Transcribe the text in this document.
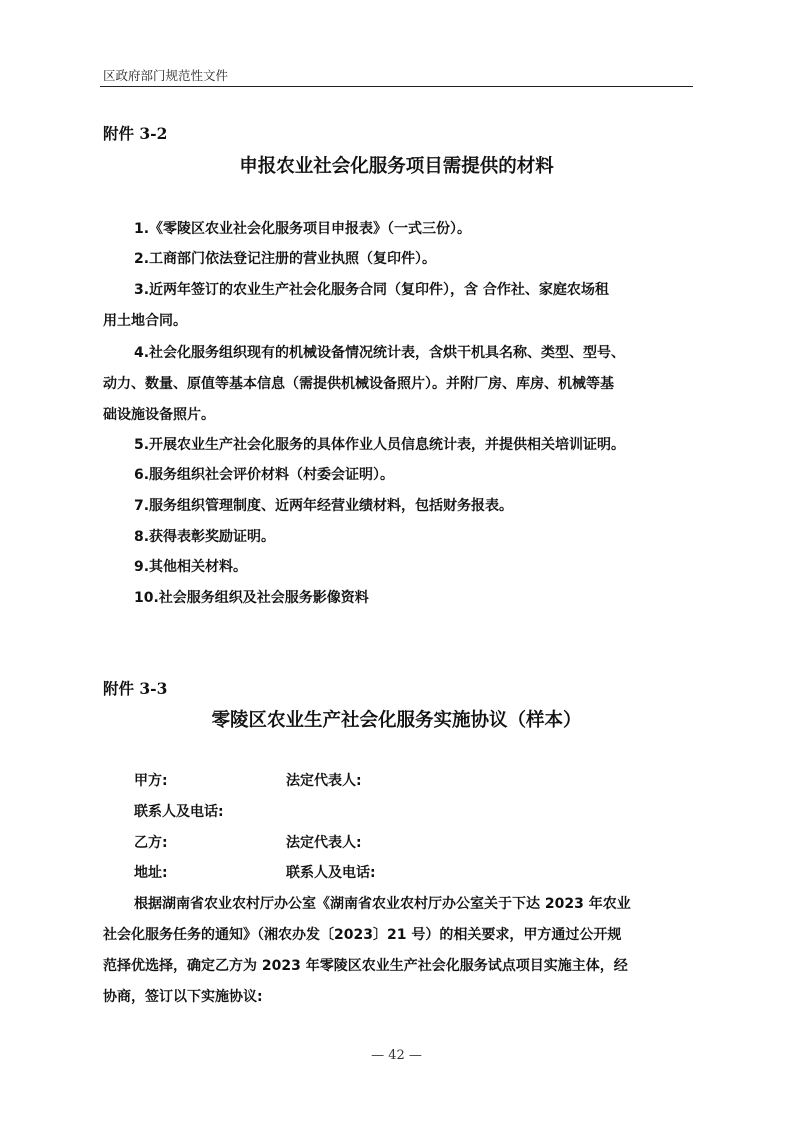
区政府部门规范性文件
附件 3-2
申报农业社会化服务项目需提供的材料
1.《零陵区农业社会化服务项目申报表》（一式三份）。
2.工商部门依法登记注册的营业执照（复印件）。
3.近两年签订的农业生产社会化服务合同（复印件），含 合作社、家庭农场租
用土地合同。
4.社会化服务组织现有的机械设备情况统计表，含烘干机具名称、类型、型号、
动力、数量、原值等基本信息（需提供机械设备照片）。并附厂房、库房、机械等基
础设施设备照片。
5.开展农业生产社会化服务的具体作业人员信息统计表，并提供相关培训证明。
6.服务组织社会评价材料（村委会证明）。
7.服务组织管理制度、近两年经营业绩材料，包括财务报表。
8.获得表彰奖励证明。
9.其他相关材料。
10.社会服务组织及社会服务影像资料
附件 3-3
零陵区农业生产社会化服务实施协议（样本）
甲方:	法定代表人:
联系人及电话:
乙方:	法定代表人:
地址:	联系人及电话:
根据湖南省农业农村厅办公室《湖南省农业农村厅办公室关于下达 2023 年农业
社会化服务任务的通知》（湘农办发〔2023〕21 号）的相关要求，甲方通过公开规
范择优选择，确定乙方为 2023 年零陵区农业生产社会化服务试点项目实施主体，经
协商，签订以下实施协议:
— 42 —
